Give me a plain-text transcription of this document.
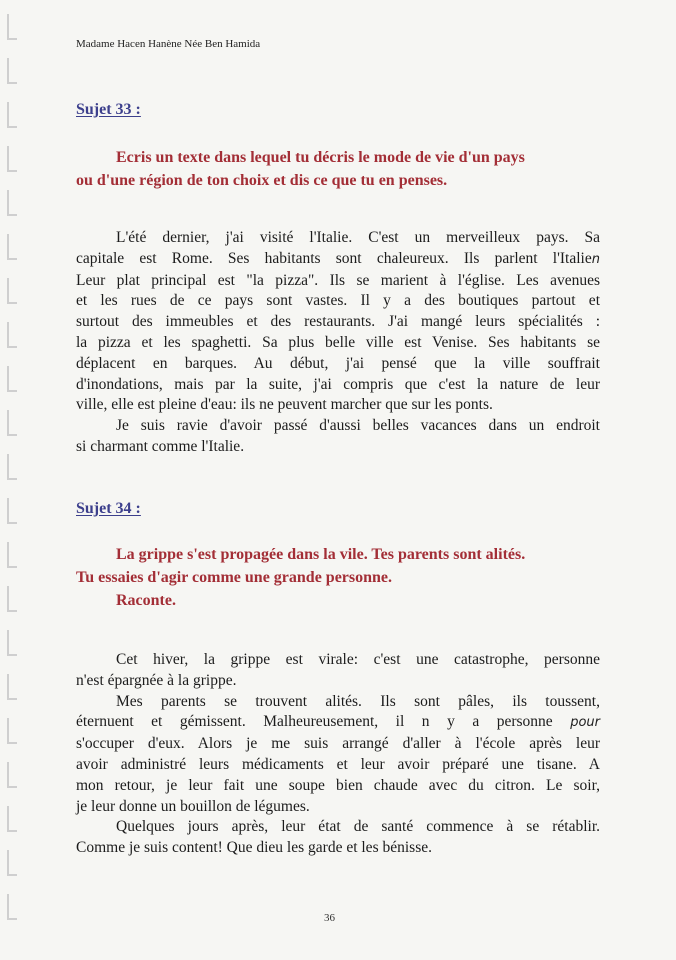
Madame Hacen Hanène Née Ben Hamida
Sujet 33 :
Ecris un texte dans lequel tu décris le mode de vie d'un pays
ou d'une région de ton choix et dis ce que tu en penses.
L'été dernier, j'ai visité l'Italie. C'est un merveilleux pays. Sa
capitale est Rome. Ses habitants sont chaleureux. Ils parlent l'Italien
Leur plat principal est "la pizza". Ils se marient à l'église. Les avenues
et les rues de ce pays sont vastes. Il y a des boutiques partout et
surtout des immeubles et des restaurants. J'ai mangé leurs spécialités :
la pizza et les spaghetti. Sa plus belle ville est Venise. Ses habitants se
déplacent en barques. Au début, j'ai pensé que la ville souffrait
d'inondations, mais par la suite, j'ai compris que c'est la nature de leur
ville, elle est pleine d'eau: ils ne peuvent marcher que sur les ponts.
Je suis ravie d'avoir passé d'aussi belles vacances dans un endroit
si charmant comme l'Italie.
Sujet 34 :
La grippe s'est propagée dans la vile. Tes parents sont alités.
Tu essaies d'agir comme une grande personne.
Raconte.
Cet hiver, la grippe est virale: c'est une catastrophe, personne
n'est épargnée à la grippe.
Mes parents se trouvent alités. Ils sont pâles, ils toussent,
éternuent et gémissent. Malheureusement, il n y a personne pour
s'occuper d'eux. Alors je me suis arrangé d'aller à l'école après leur
avoir administré leurs médicaments et leur avoir préparé une tisane. A
mon retour, je leur fait une soupe bien chaude avec du citron. Le soir,
je leur donne un bouillon de légumes.
Quelques jours après, leur état de santé commence à se rétablir.
Comme je suis content! Que dieu les garde et les bénisse.
36
